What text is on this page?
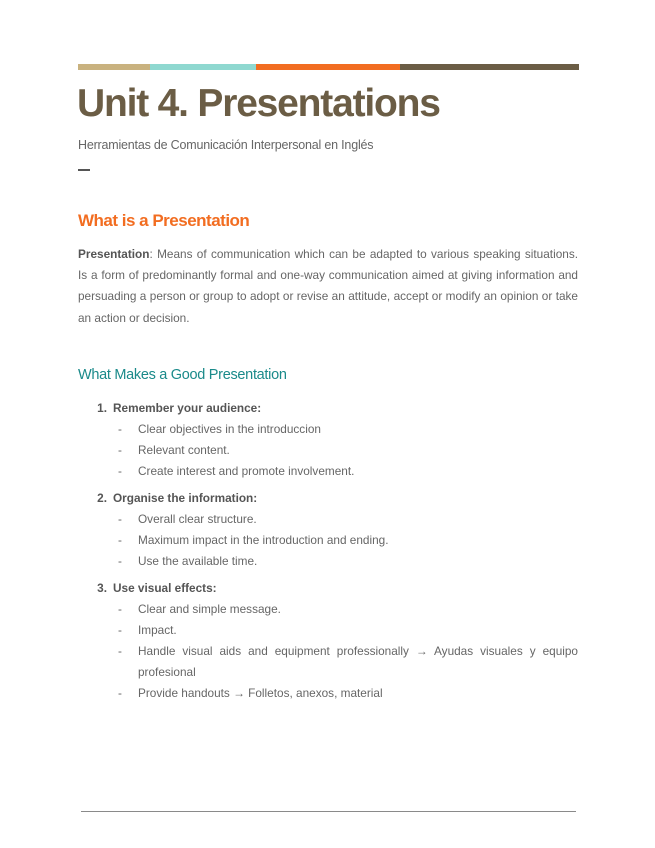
Unit 4. Presentations
Herramientas de Comunicación Interpersonal en Inglés
What is a Presentation

Presentation: Means of communication which can be adapted to various speaking situations. Is a form of predominantly formal and one-way communication aimed at giving information and persuading a person or group to adopt or revise an attitude, accept or modify an opinion or take an action or decision.

What Makes a Good Presentation
1. Remember your audience:
-	Clear objectives in the introduccion
-	Relevant content.
-	Create interest and promote involvement.
2. Organise the information:
-	Overall clear structure.
-	Maximum impact in the introduction and ending.
-	Use the available time.
3. Use visual effects:
-	Clear and simple message.
-	Impact.
-	Handle visual aids and equipment professionally → Ayudas visuales y equipo profesional
-	Provide handouts → Folletos, anexos, material
